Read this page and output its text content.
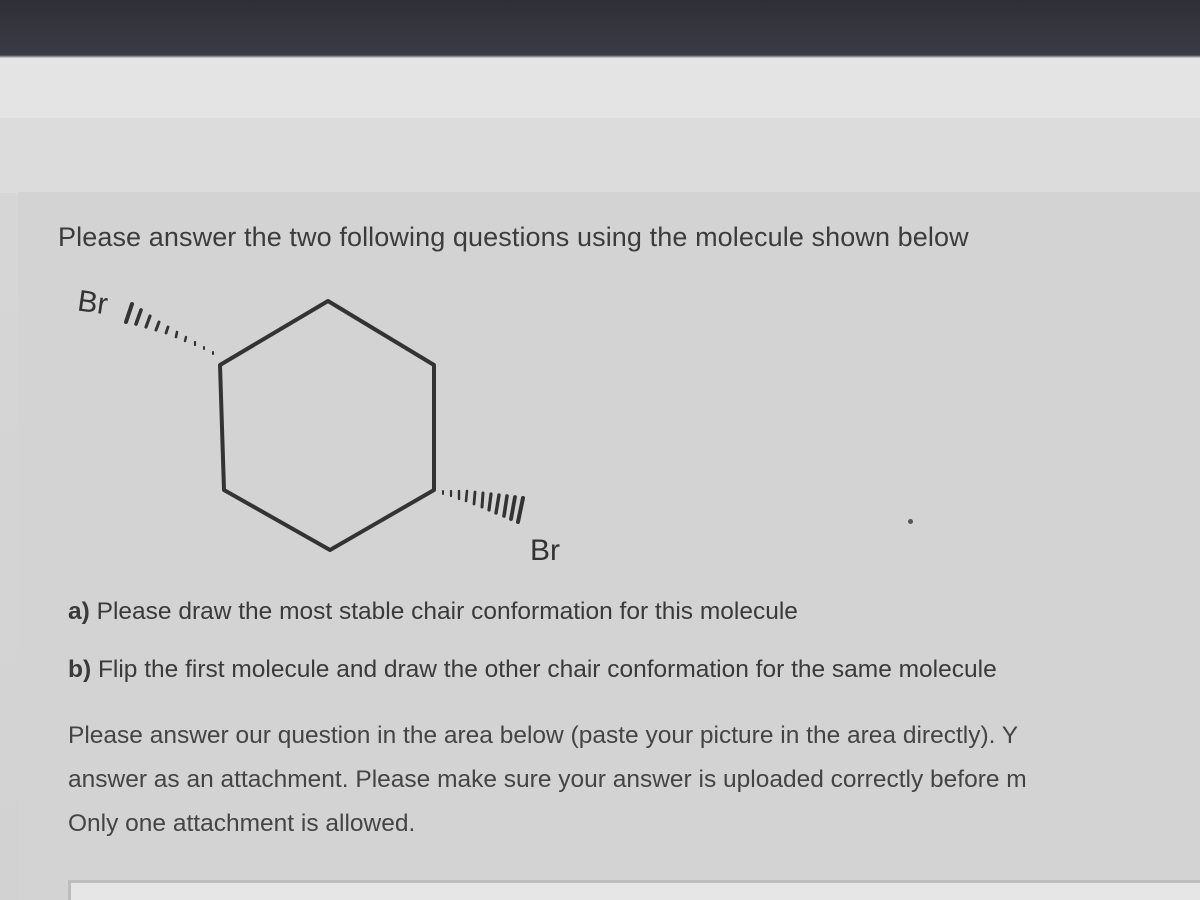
Please answer the two following questions using the molecule shown below
Br
Br
a) Please draw the most stable chair conformation for this molecule
b) Flip the first molecule and draw the other chair conformation for the same molecule
Please answer our question in the area below (paste your picture in the area directly). Y
answer as an attachment. Please make sure your answer is uploaded correctly before m
Only one attachment is allowed.
